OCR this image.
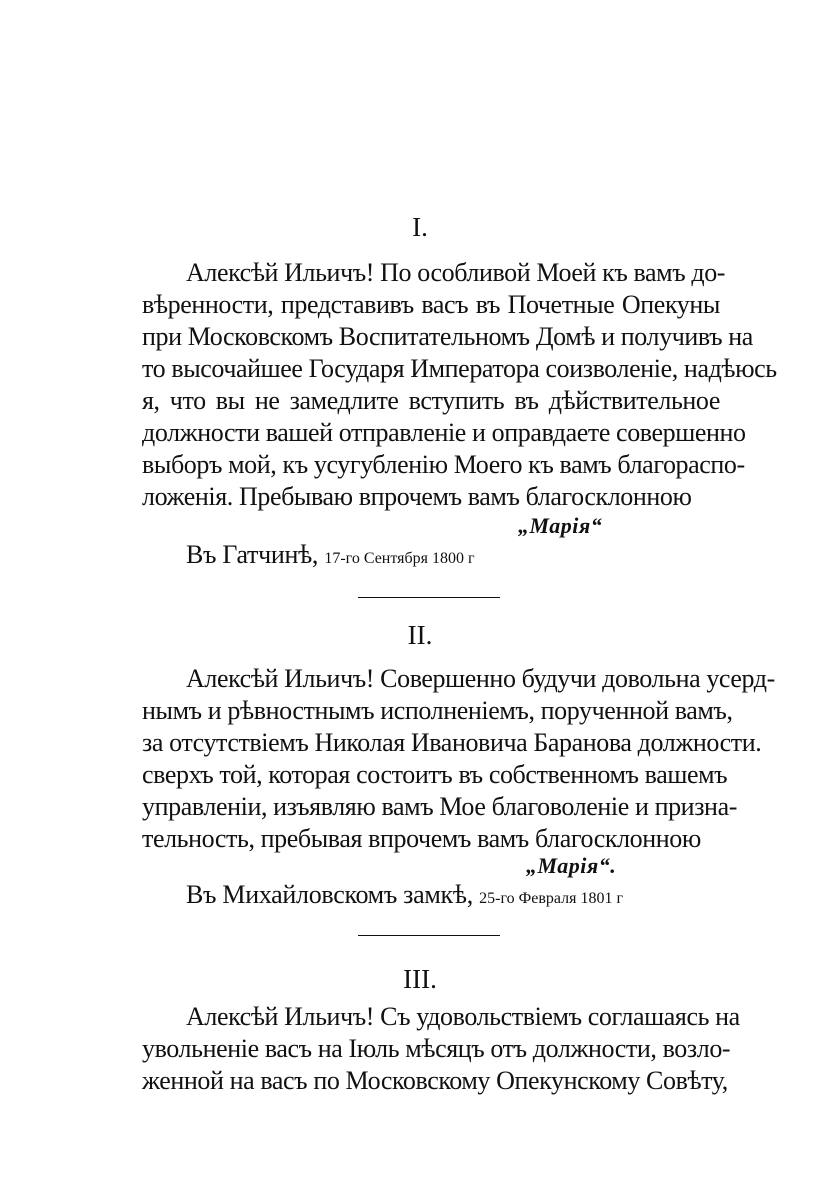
I.
Алексѣй Ильичъ! По особливой Моей къ вамъ до-
вѣренности, представивъ васъ въ Почетные Опекуны
при Московскомъ Воспитательномъ Домѣ и получивъ на
то высочайшее Государя Императора соизволеніе, надѣюсь
я, что вы не замедлите вступить въ дѣйствительное
должности вашей отправленіе и оправдаете совершенно
выборъ мой, къ усугубленію Моего къ вамъ благораспо-
ложенія. Пребываю впрочемъ вамъ благосклонною
„Марія“
Въ Гатчинѣ, 17-го Сентября 1800 г
II.
Алексѣй Ильичъ! Совершенно будучи довольна усерд-
нымъ и рѣвностнымъ исполненіемъ, порученной вамъ,
за отсутствіемъ Николая Ивановича Баранова должности.
сверхъ той, которая состоитъ въ собственномъ вашемъ
управленіи, изъявляю вамъ Мое благоволеніе и призна-
тельность, пребывая впрочемъ вамъ благосклонною
„Марія“.
Въ Михайловскомъ замкѣ, 25-го Февраля 1801 г
III.
Алексѣй Ильичъ! Съ удовольствіемъ соглашаясь на
увольненіе васъ на Іюль мѣсяцъ отъ должности, возло-
женной на васъ по Московскому Опекунскому Совѣту,
